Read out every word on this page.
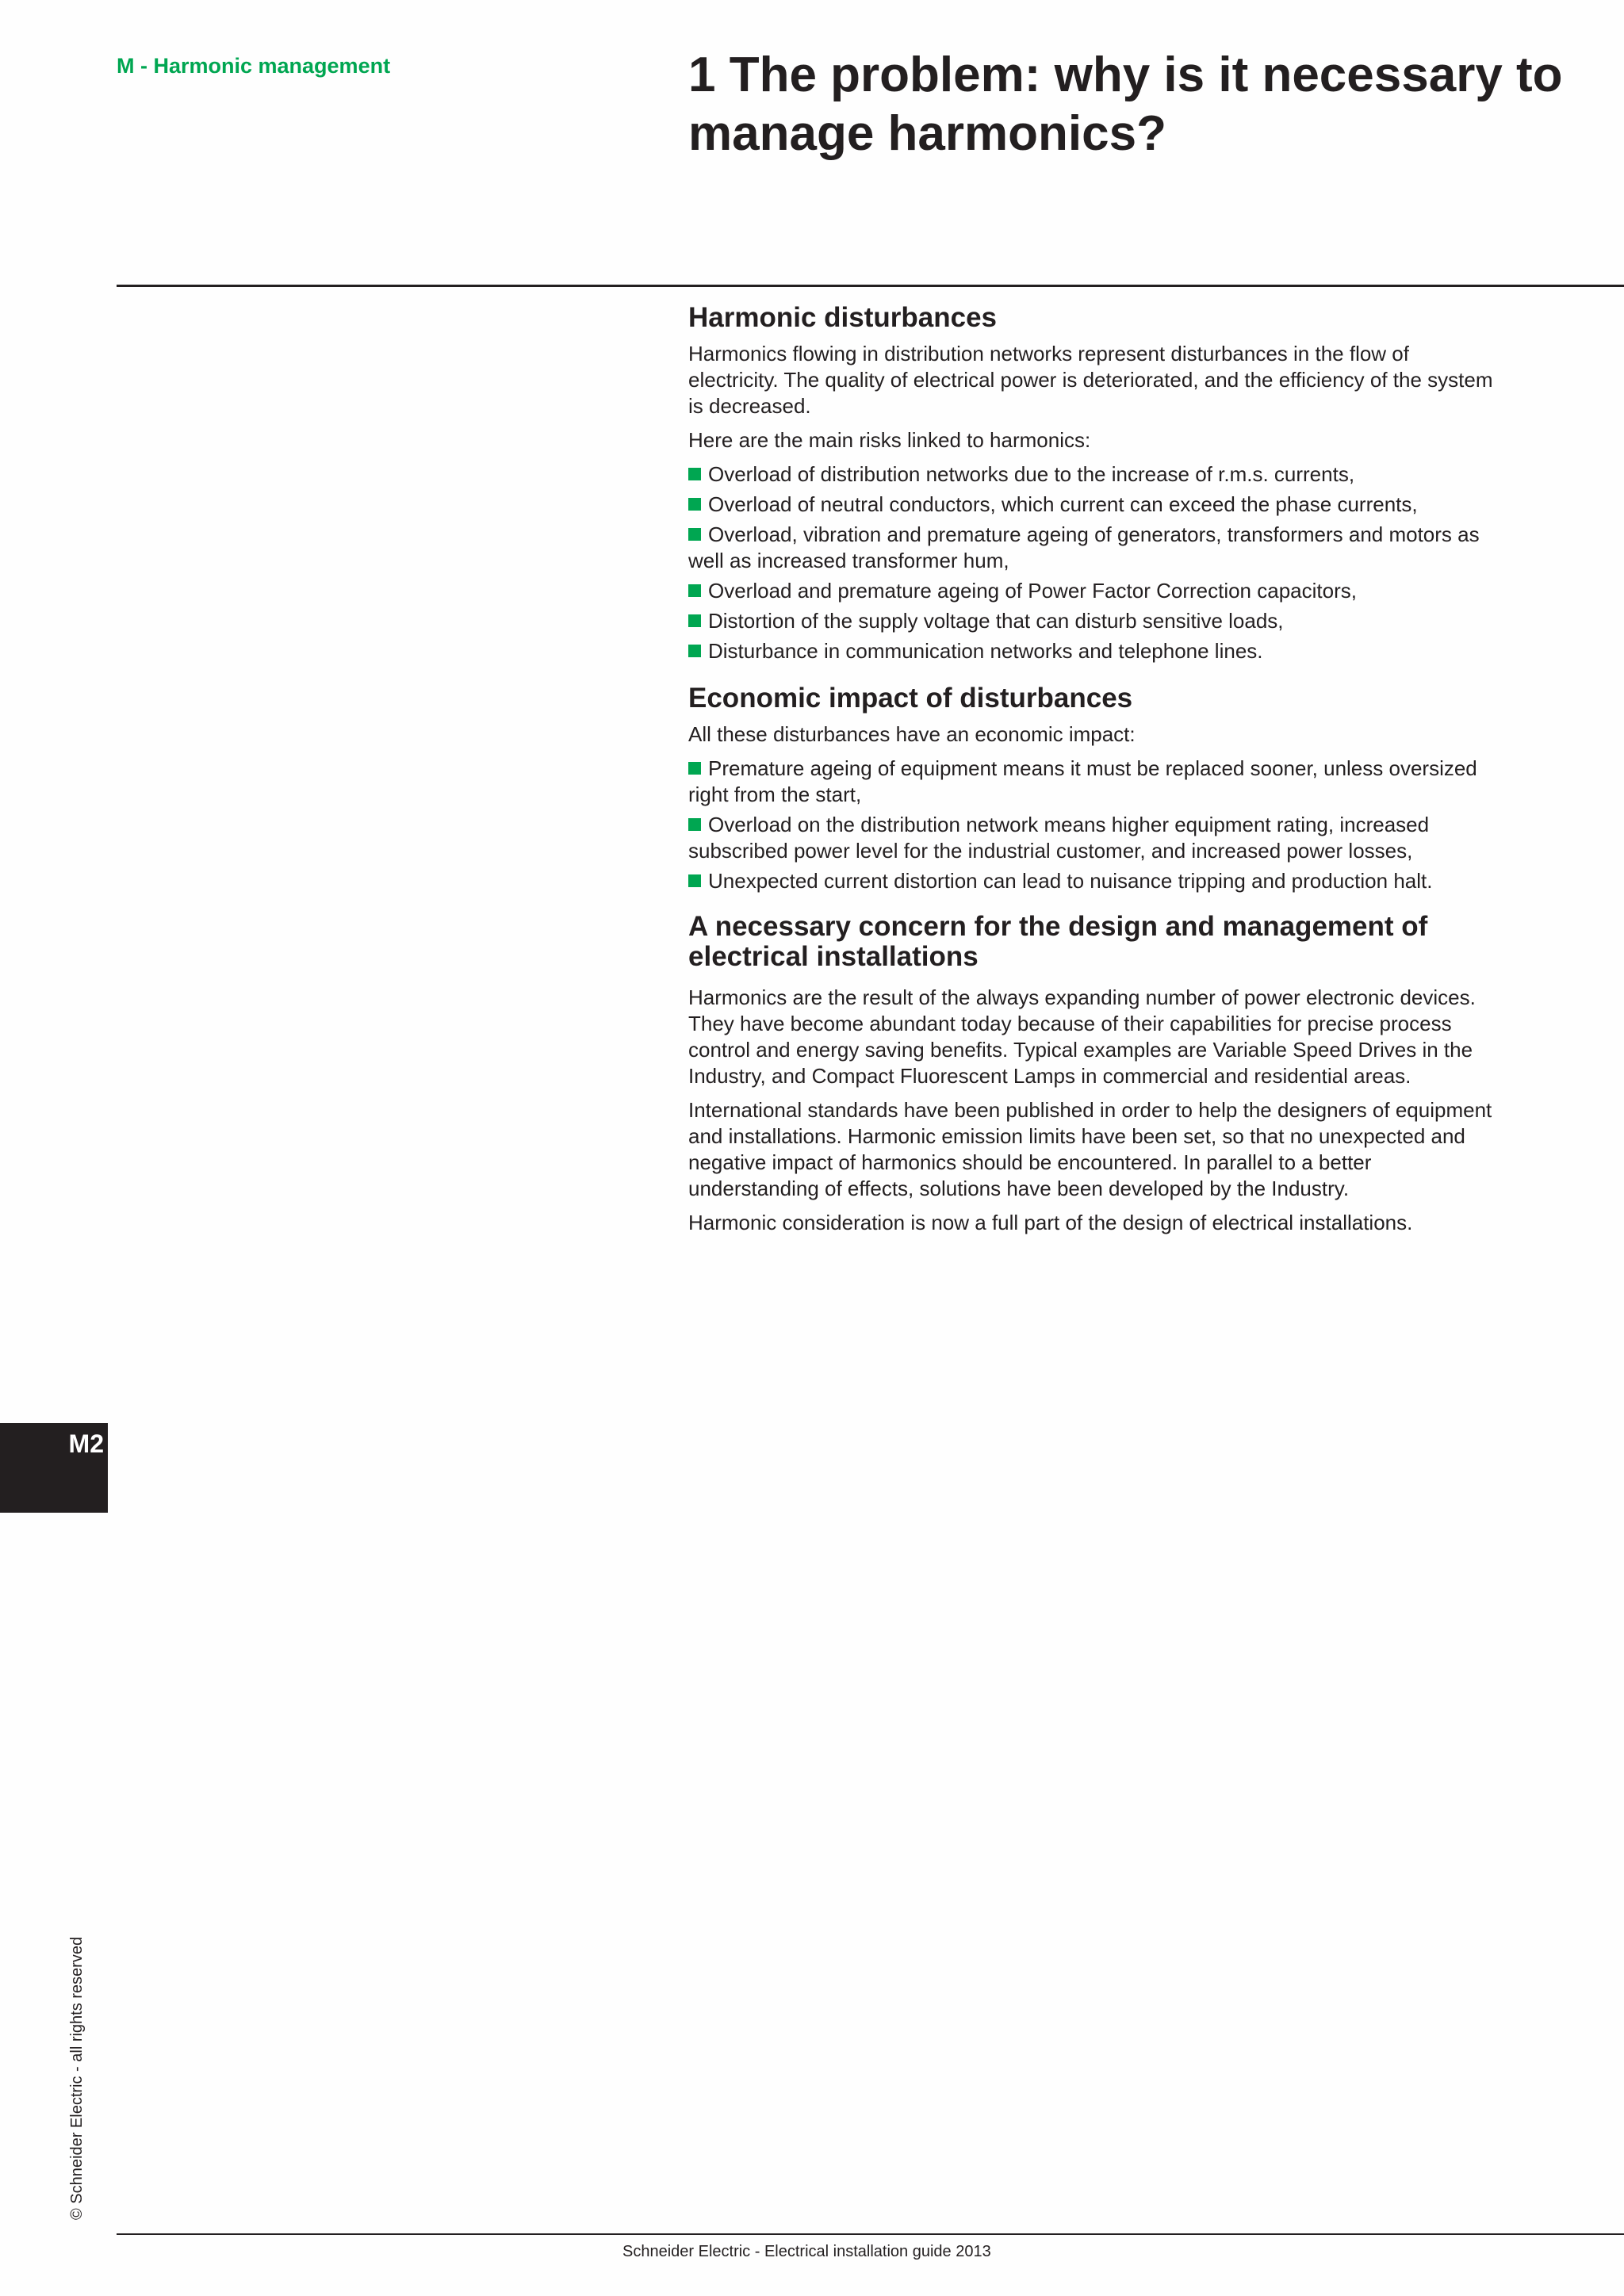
M - Harmonic management	1 The problem: why is it necessary to manage harmonics?
Harmonic disturbances

Harmonics flowing in distribution networks represent disturbances in the flow of electricity. The quality of electrical power is deteriorated, and the efficiency of the system is decreased.

Here are the main risks linked to harmonics:

Overload of distribution networks due to the increase of r.m.s. currents,
Overload of neutral conductors, which current can exceed the phase currents,
Overload, vibration and premature ageing of generators, transformers and motors as well as increased transformer hum,
Overload and premature ageing of Power Factor Correction capacitors,
Distortion of the supply voltage that can disturb sensitive loads,
Disturbance in communication networks and telephone lines.
Economic impact of disturbances

All these disturbances have an economic impact:

Premature ageing of equipment means it must be replaced sooner, unless oversized right from the start,
Overload on the distribution network means higher equipment rating, increased subscribed power level for the industrial customer, and increased power losses,
Unexpected current distortion can lead to nuisance tripping and production halt.
A necessary concern for the design and management of electrical installations

Harmonics are the result of the always expanding number of power electronic devices. They have become abundant today because of their capabilities for precise process control and energy saving benefits. Typical examples are Variable Speed Drives in the Industry, and Compact Fluorescent Lamps in commercial and residential areas.

International standards have been published in order to help the designers of equipment and installations. Harmonic emission limits have been set, so that no unexpected and negative impact of harmonics should be encountered. In parallel to a better understanding of effects, solutions have been developed by the Industry.

Harmonic consideration is now a full part of the design of electrical installations.

M2
© Schneider Electric - all rights reserved
Schneider Electric - Electrical installation guide 2013
